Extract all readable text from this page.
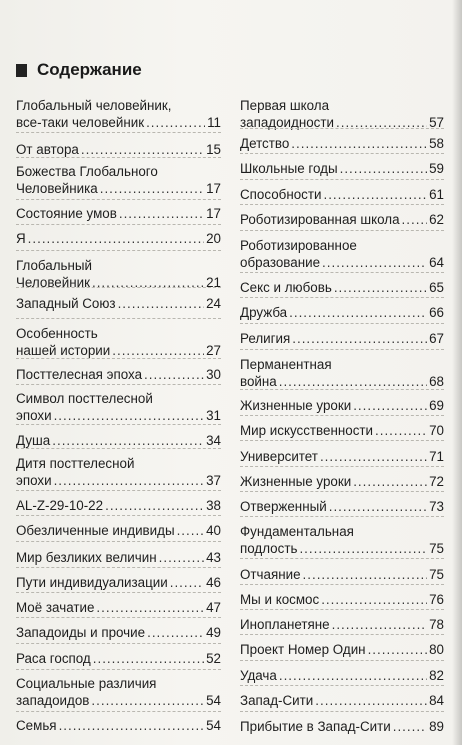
Содержание
Глобальный человейник,
все-таки человейник .....	11
От автора .....	15
Божества Глобального
Человейника .....	17
Состояние умов .....	17
Я .....	20
Глобальный
Человейник .....	21
Западный Союз .....	24
Особенность
нашей истории .....	27
Посттелесная эпоха .....	30
Символ посттелесной
эпохи .....	31
Душа .....	34
Дитя посттелесной
эпохи .....	37
AL-Z-29-10-22 .....	38
Обезличенные индивиды ..... 40
Мир безликих величин .....	43
Пути индивидуализации .....	46
Моё зачатие .....	47
Западоиды и прочие .....	49
Раса господ .....	52
Социальные различия
западоидов .....	54
Семья .....	54
Первая школа
западоидности .....	57
Детство .....	58
Школьные годы .....	59
Способности .....	61
Роботизированная школа ..... 62
Роботизированное
образование .....	64
Секс и любовь .....	65
Дружба .....	66
Религия .....	67
Перманентная
война .....	68
Жизненные уроки .....	69
Мир искусственности .....	70
Университет .....	71
Жизненные уроки .....	72
Отверженный .....	73
Фундаментальная
подлость .....	75
Отчаяние .....	75
Мы и космос .....	76
Инопланетяне .....	78
Проект Номер Один .....	80
Удача .....	82
Запад-Сити .....	84
Прибытие в Запад-Сити .....	89
